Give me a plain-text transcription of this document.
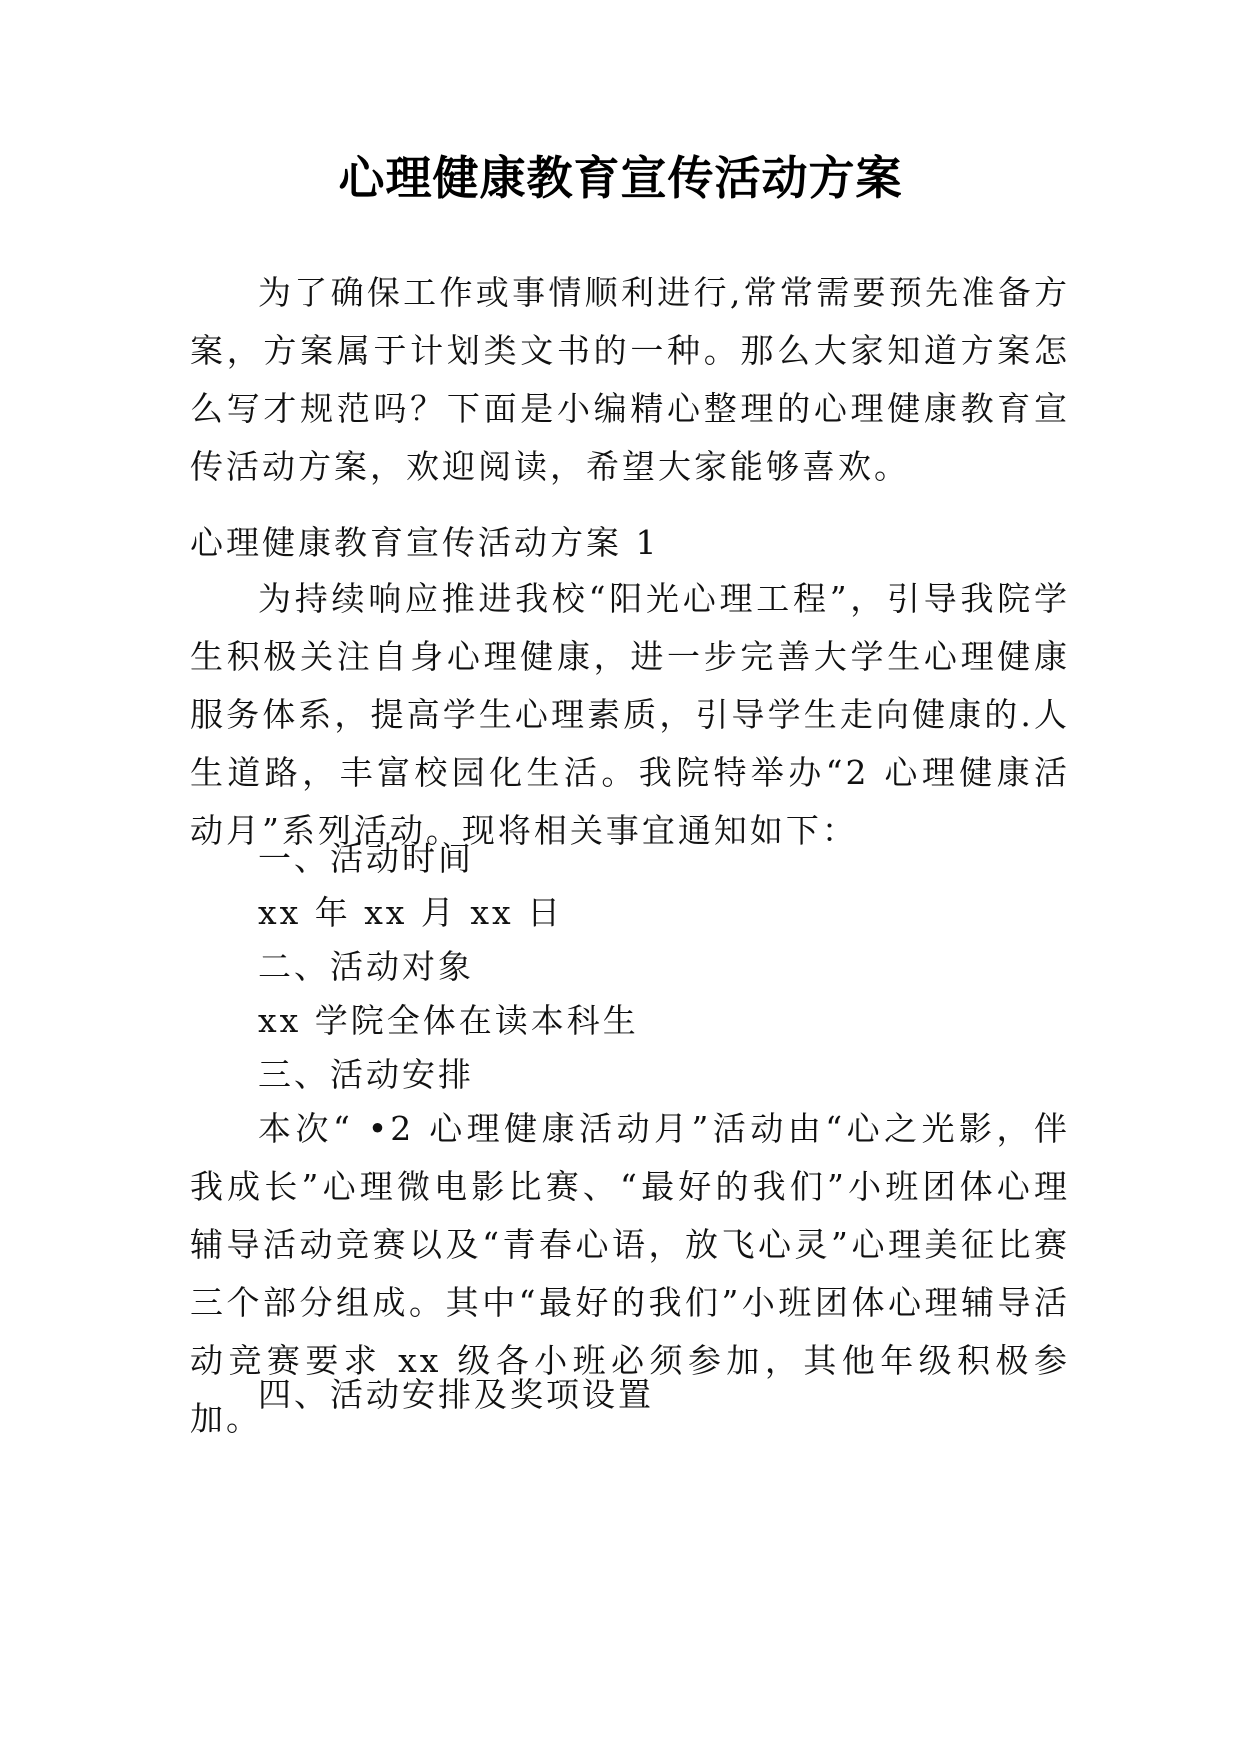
心理健康教育宣传活动方案

为了确保工作或事情顺利进行,常常需要预先准备方案，方案属于计划类文书的一种。那么大家知道方案怎么写才规范吗？下面是小编精心整理的心理健康教育宣传活动方案，欢迎阅读，希望大家能够喜欢。

心理健康教育宣传活动方案 1

为持续响应推进我校“阳光心理工程”，引导我院学生积极关注自身心理健康，进一步完善大学生心理健康服务体系，提高学生心理素质，引导学生走向健康的.人生道路，丰富校园化生活。我院特举办“2 心理健康活动月”系列活动。现将相关事宜通知如下：

一、活动时间
xx 年 xx 月 xx 日
二、活动对象
xx 学院全体在读本科生
三、活动安排

本次“ •2 心理健康活动月”活动由“心之光影，伴我成长”心理微电影比赛、“最好的我们”小班团体心理辅导活动竞赛以及“青春心语，放飞心灵”心理美征比赛三个部分组成。其中“最好的我们”小班团体心理辅导活动竞赛要求 xx 级各小班必须参加，其他年级积极参加。

四、活动安排及奖项设置
